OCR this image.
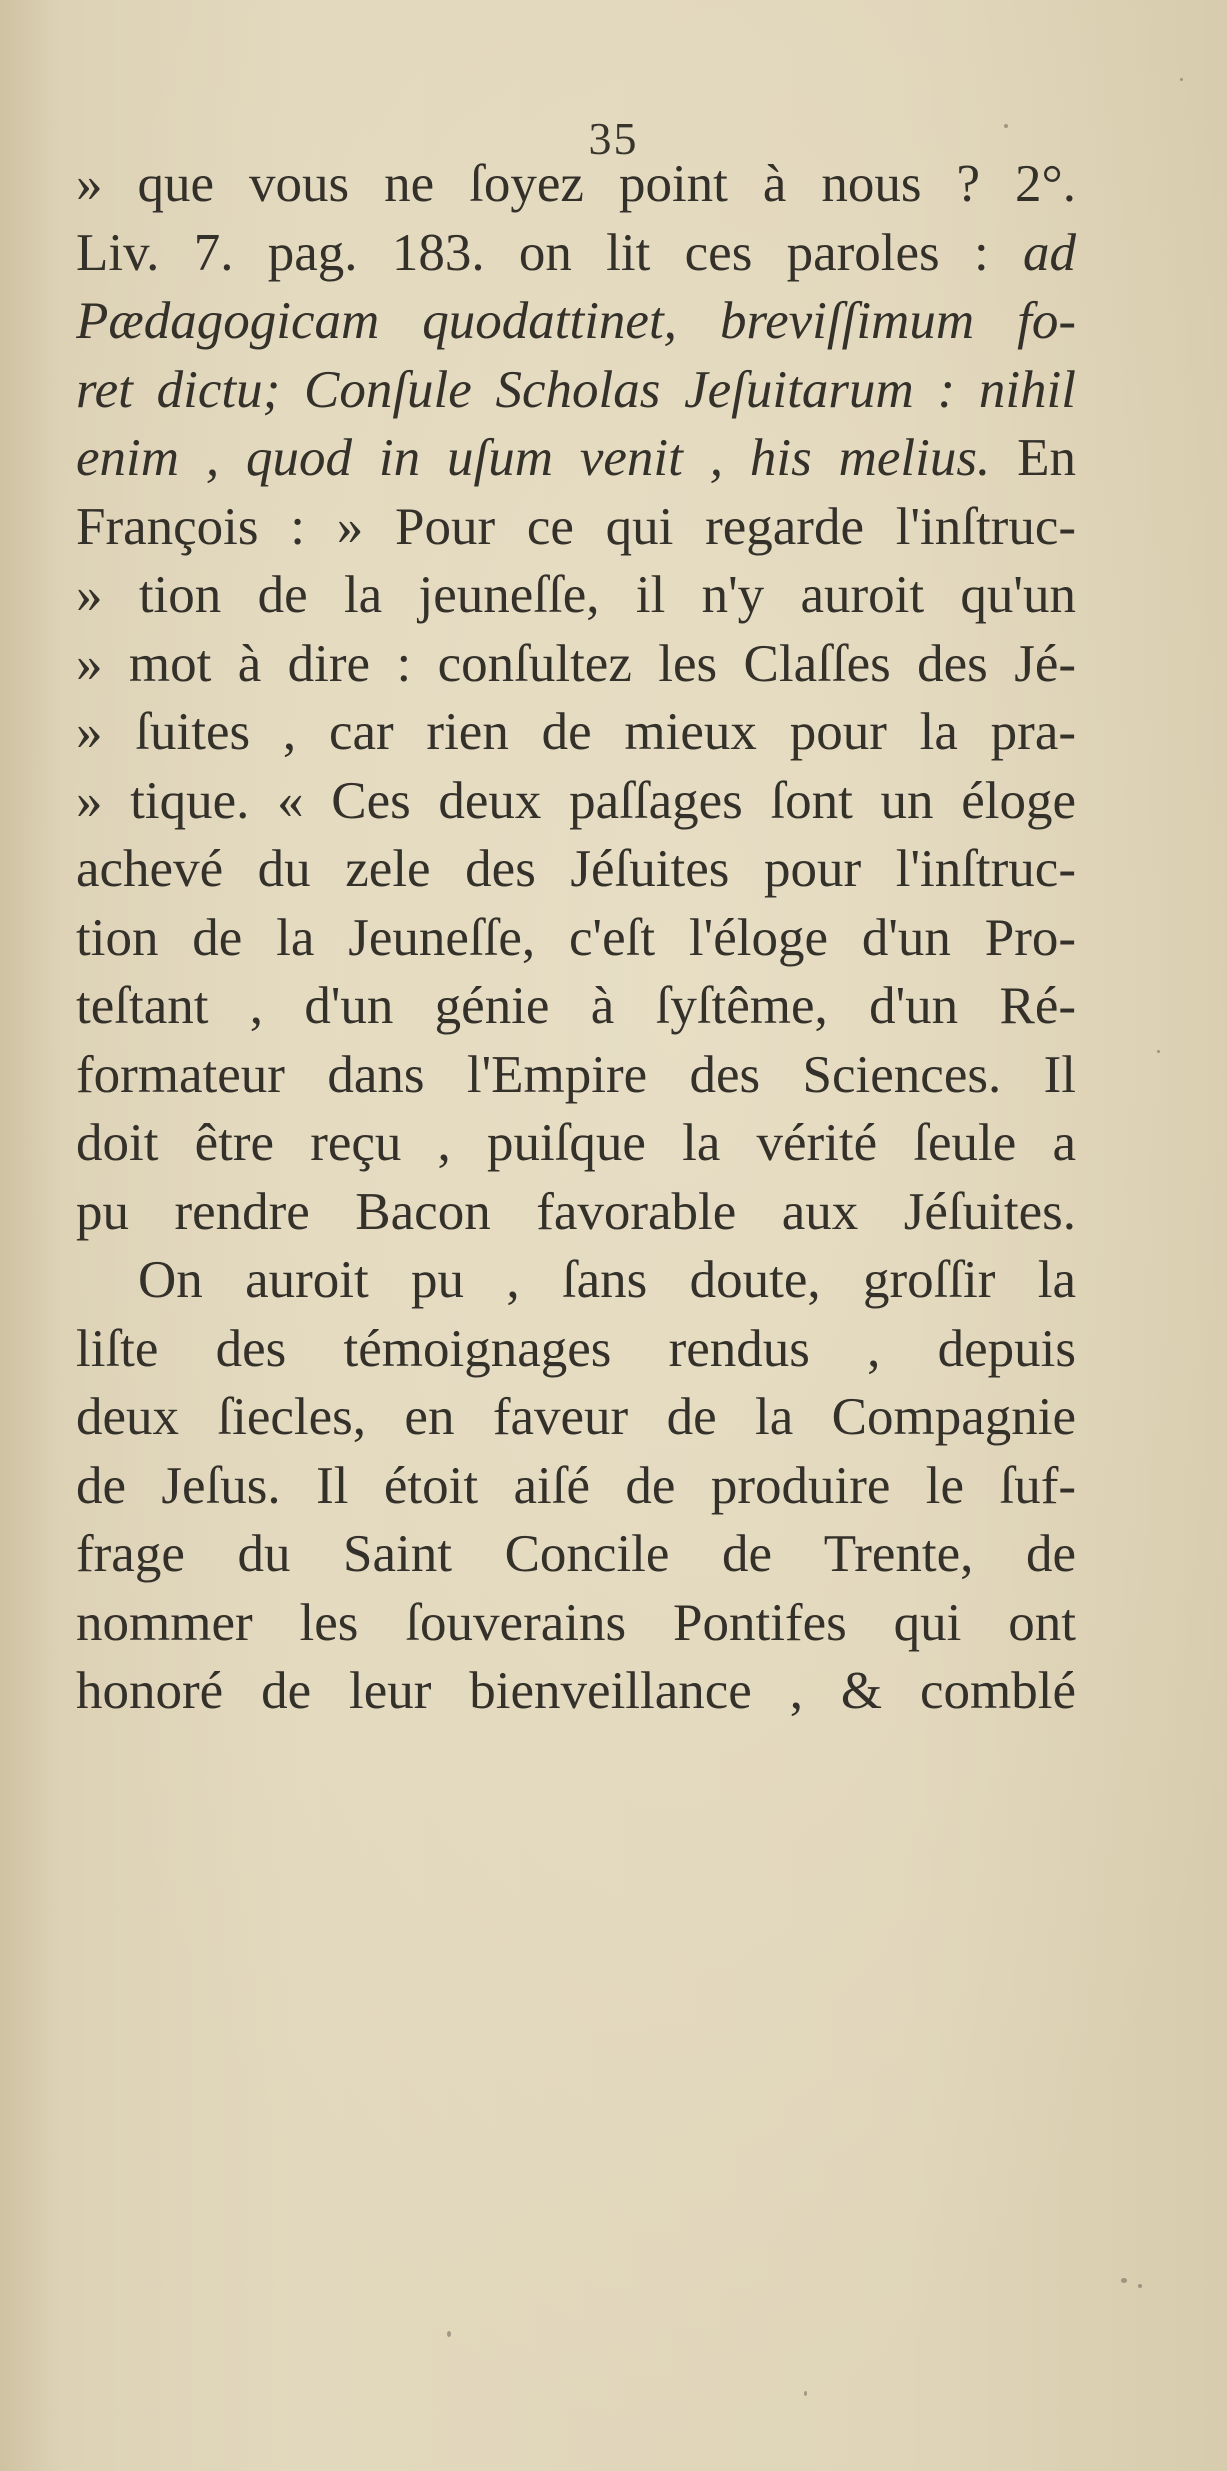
35
» que vous ne ſoyez point à nous ? 2°.
Liv. 7. pag. 183. on lit ces paroles : ad
Pædagogicam quodattinet, breviſſimum fo-
ret dictu; Conſule Scholas Jeſuitarum : nihil
enim , quod in uſum venit , his melius. En
François : » Pour ce qui regarde l'inſtruc-
» tion de la jeuneſſe, il n'y auroit qu'un
» mot à dire : conſultez les Claſſes des Jé-
» ſuites , car rien de mieux pour la pra-
» tique. « Ces deux paſſages ſont un éloge
achevé du zele des Jéſuites pour l'inſtruc-
tion de la Jeuneſſe, c'eſt l'éloge d'un Pro-
teſtant , d'un génie à ſyſtême, d'un Ré-
formateur dans l'Empire des Sciences. Il
doit être reçu , puiſque la vérité ſeule a
pu rendre Bacon favorable aux Jéſuites.
On auroit pu , ſans doute, groſſir la
liſte des témoignages rendus , depuis
deux ſiecles, en faveur de la Compagnie
de Jeſus. Il étoit aiſé de produire le ſuf-
frage du Saint Concile de Trente, de
nommer les ſouverains Pontifes qui ont
honoré de leur bienveillance , & comblé
